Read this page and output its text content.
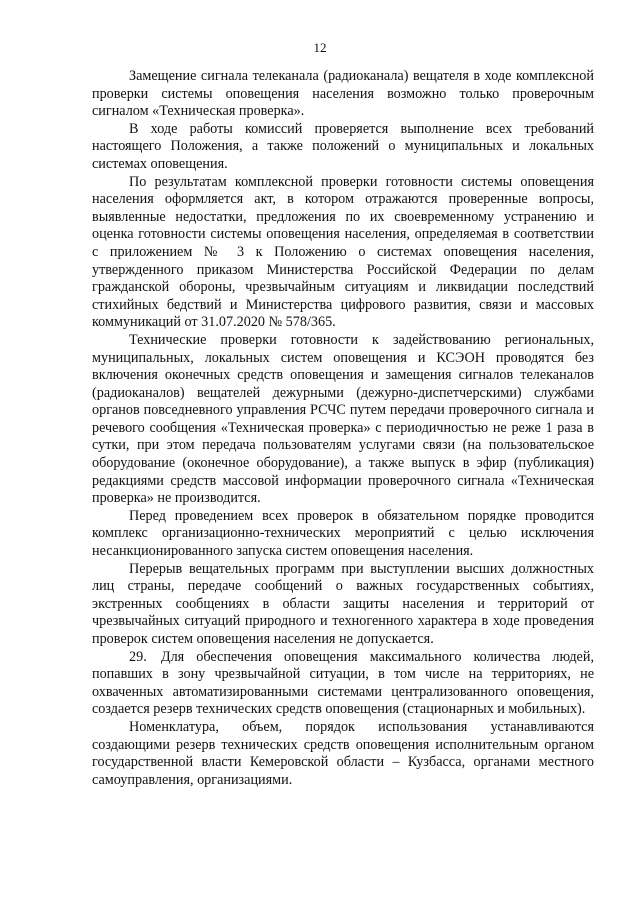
12

Замещение сигнала телеканала (радиоканала) вещателя в ходе комплексной проверки системы оповещения населения возможно только проверочным сигналом «Техническая проверка».

В ходе работы комиссий проверяется выполнение всех требований настоящего Положения, а также положений о муниципальных и локальных системах оповещения.

По результатам комплексной проверки готовности системы оповещения населения оформляется акт, в котором отражаются проверенные вопросы, выявленные недостатки, предложения по их своевременному устранению и оценка готовности системы оповещения населения, определяемая в соответствии с приложением № 3 к Положению о системах оповещения населения, утвержденного приказом Министерства Российской Федерации по делам гражданской обороны, чрезвычайным ситуациям и ликвидации последствий стихийных бедствий и Министерства цифрового развития, связи и массовых коммуникаций от 31.07.2020 № 578/365.

Технические проверки готовности к задействованию региональных, муниципальных, локальных систем оповещения и КСЭОН проводятся без включения оконечных средств оповещения и замещения сигналов телеканалов (радиоканалов) вещателей дежурными (дежурно-диспетчерскими) службами органов повседневного управления РСЧС путем передачи проверочного сигнала и речевого сообщения «Техническая проверка» с периодичностью не реже 1 раза в сутки, при этом передача пользователям услугами связи (на пользовательское оборудование (оконечное оборудование), а также выпуск в эфир (публикация) редакциями средств массовой информации проверочного сигнала «Техническая проверка» не производится.

Перед проведением всех проверок в обязательном порядке проводится комплекс организационно-технических мероприятий с целью исключения несанкционированного запуска систем оповещения населения.

Перерыв вещательных программ при выступлении высших должностных лиц страны, передаче сообщений о важных государственных событиях, экстренных сообщениях в области защиты населения и территорий от чрезвычайных ситуаций природного и техногенного характера в ходе проведения проверок систем оповещения населения не допускается.

29. Для обеспечения оповещения максимального количества людей, попавших в зону чрезвычайной ситуации, в том числе на территориях, не охваченных автоматизированными системами централизованного оповещения, создается резерв технических средств оповещения (стационарных и мобильных).

Номенклатура, объем, порядок использования устанавливаются создающими резерв технических средств оповещения исполнительным органом государственной власти Кемеровской области – Кузбасса, органами местного самоуправления, организациями.
